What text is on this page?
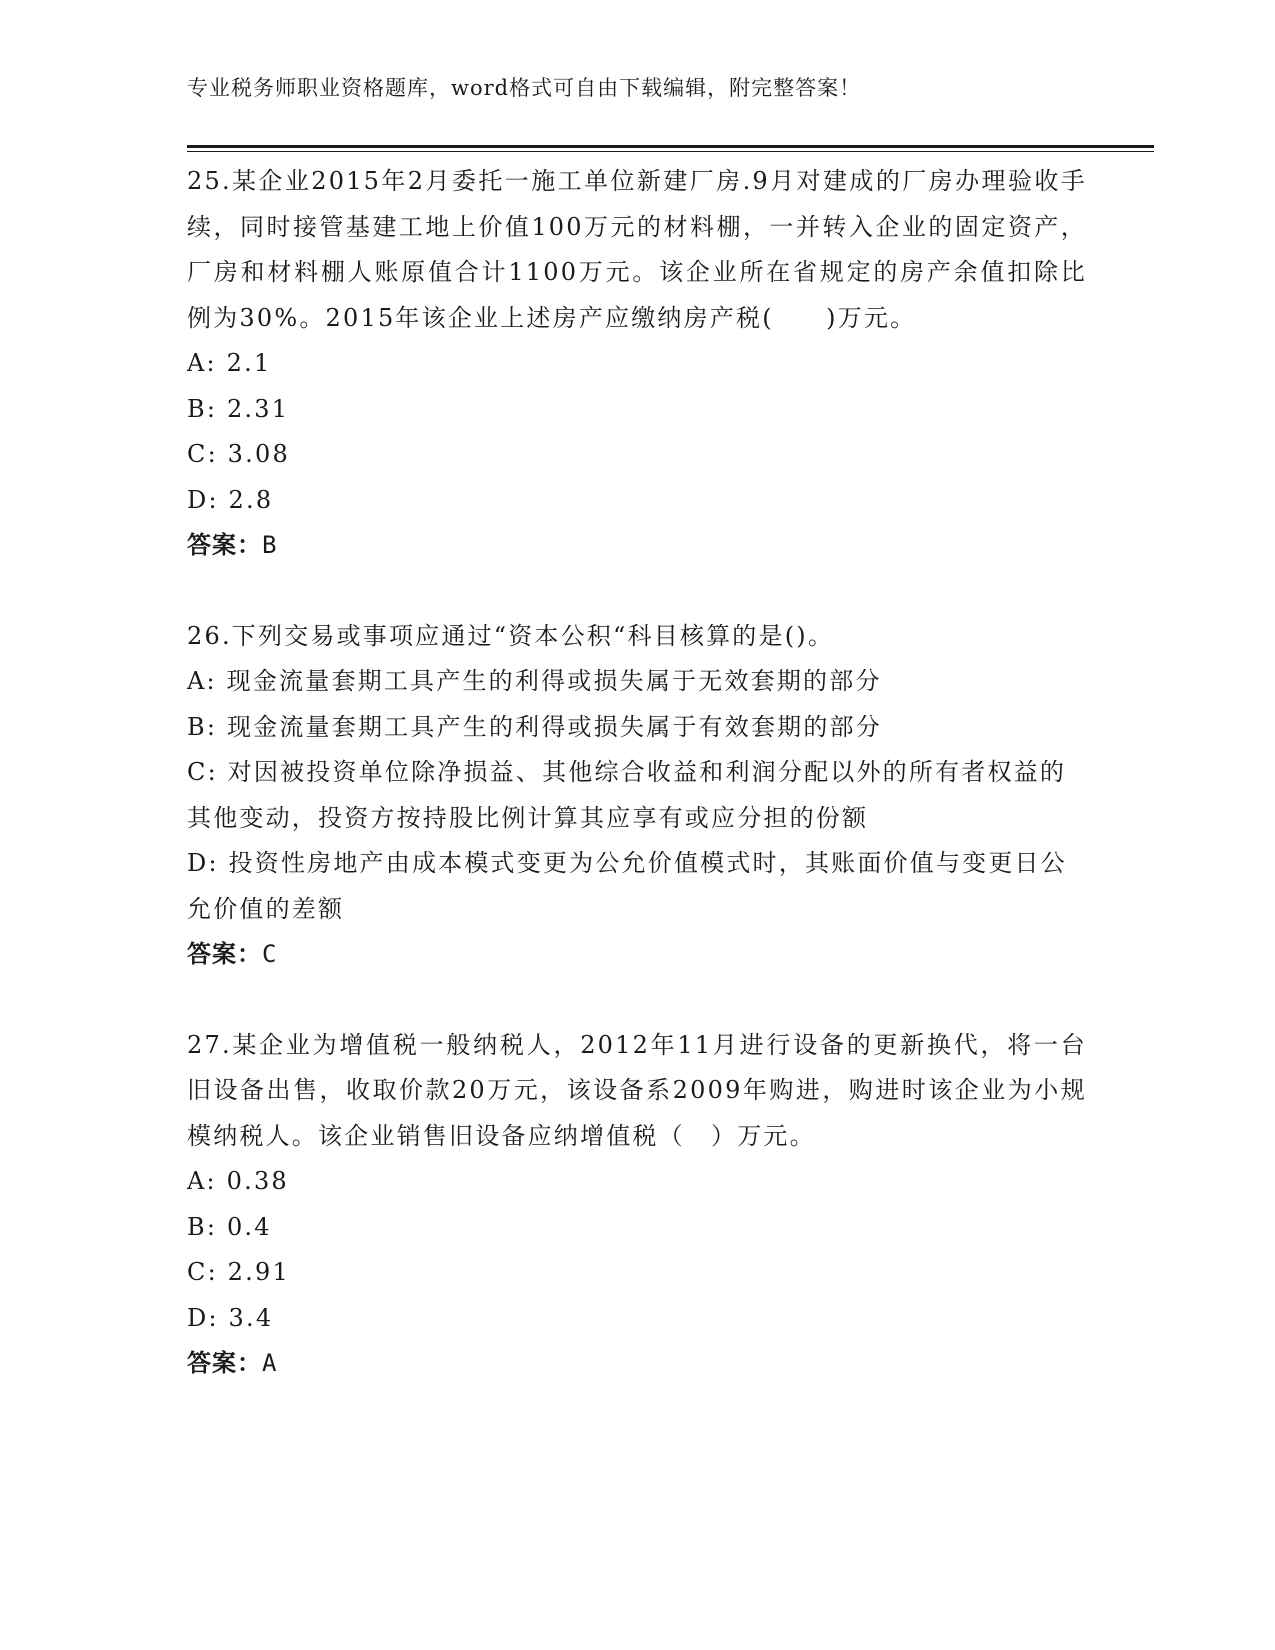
专业税务师职业资格题库，word格式可自由下载编辑，附完整答案！

25.某企业2015年2月委托一施工单位新建厂房.9月对建成的厂房办理验收手续，同时接管基建工地上价值100万元的材料棚，一并转入企业的固定资产，厂房和材料棚人账原值合计1100万元。该企业所在省规定的房产余值扣除比例为30%。2015年该企业上述房产应缴纳房产税(　　)万元。

A: 2.1

B: 2.31

C: 3.08

D: 2.8

答案：B

26.下列交易或事项应通过“资本公积“科目核算的是()。

A: 现金流量套期工具产生的利得或损失属于无效套期的部分

B: 现金流量套期工具产生的利得或损失属于有效套期的部分

C: 对因被投资单位除净损益、其他综合收益和利润分配以外的所有者权益的其他变动，投资方按持股比例计算其应享有或应分担的份额

D: 投资性房地产由成本模式变更为公允价值模式时，其账面价值与变更日公允价值的差额

答案：C

27.某企业为增值税一般纳税人，2012年11月进行设备的更新换代，将一台旧设备出售，收取价款20万元，该设备系2009年购进，购进时该企业为小规模纳税人。该企业销售旧设备应纳增值税（　）万元。

A: 0.38

B: 0.4

C: 2.91

D: 3.4

答案：A
